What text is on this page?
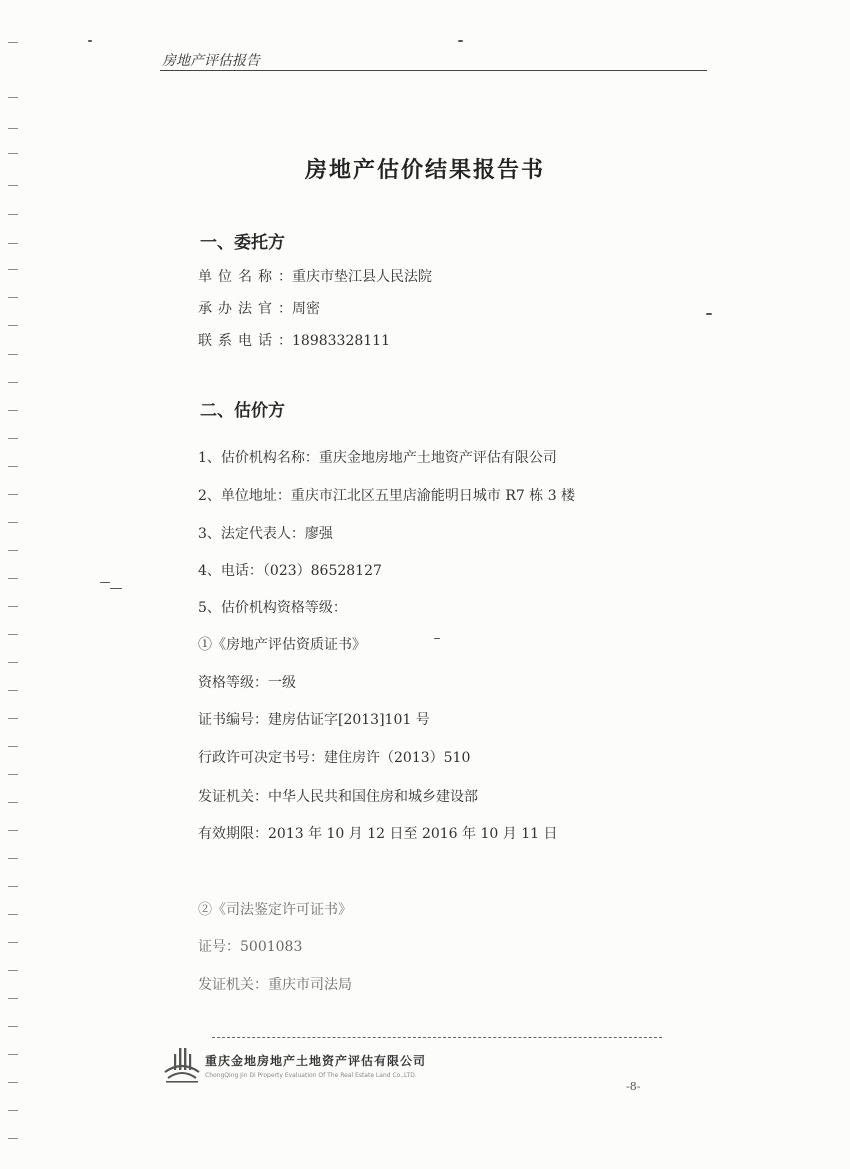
房地产评估报告
房地产估价结果报告书
一、委托方
单位名称：重庆市垫江县人民法院
承办法官：周密
联系电话：18983328111
二、估价方
1、估价机构名称：重庆金地房地产土地资产评估有限公司
2、单位地址：重庆市江北区五里店渝能明日城市 R7 栋 3 楼
3、法定代表人：廖强
4、电话：（023）86528127
5、估价机构资格等级：
①《房地产评估资质证书》
资格等级：一级
证书编号：建房估证字[2013]101 号
行政许可决定书号：建住房许（2013）510
发证机关：中华人民共和国住房和城乡建设部
有效期限：2013 年 10 月 12 日至 2016 年 10 月 11 日
②《司法鉴定许可证书》
证号：5001083
发证机关：重庆市司法局
重庆金地房地产土地资产评估有限公司
ChongQing Jin Di Property Evaluation Of The Real Estate Land Co.,LTD.
-8-
